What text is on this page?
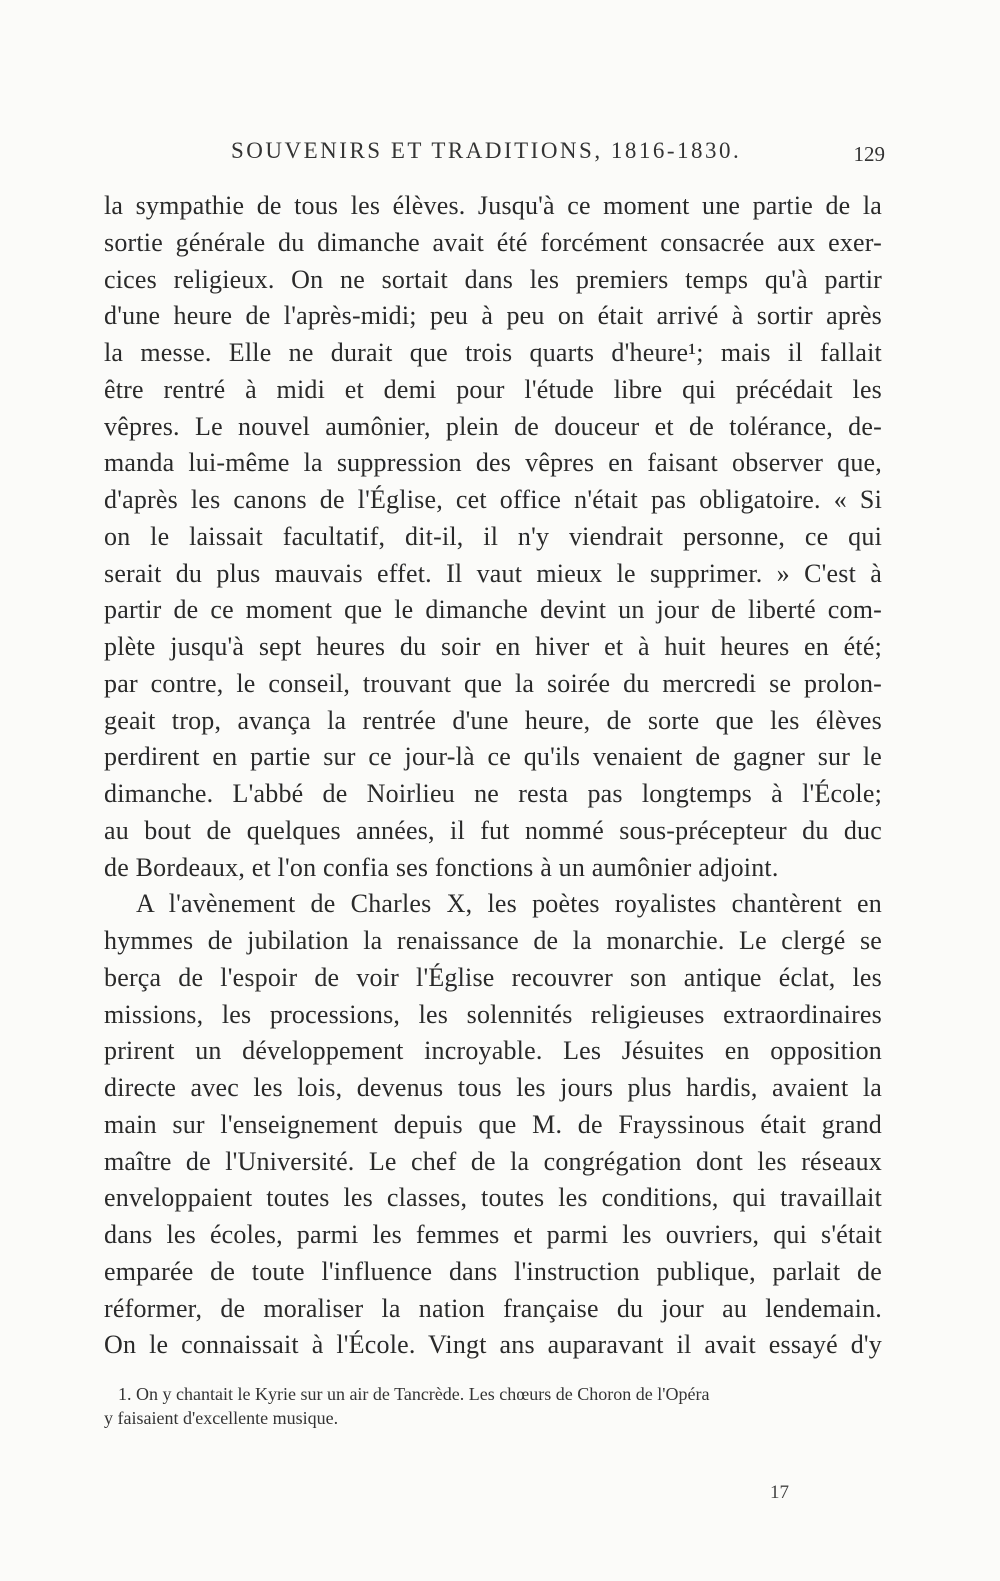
SOUVENIRS ET TRADITIONS, 1816-1830.	129
la sympathie de tous les élèves. Jusqu'à ce moment une partie de la
sortie générale du dimanche avait été forcément consacrée aux exer-
cices religieux. On ne sortait dans les premiers temps qu'à partir
d'une heure de l'après-midi; peu à peu on était arrivé à sortir après
la messe. Elle ne durait que trois quarts d'heure¹; mais il fallait
être rentré à midi et demi pour l'étude libre qui précédait les
vêpres. Le nouvel aumônier, plein de douceur et de tolérance, de-
manda lui-même la suppression des vêpres en faisant observer que,
d'après les canons de l'Église, cet office n'était pas obligatoire. « Si
on le laissait facultatif, dit-il, il n'y viendrait personne, ce qui
serait du plus mauvais effet. Il vaut mieux le supprimer. » C'est à
partir de ce moment que le dimanche devint un jour de liberté com-
plète jusqu'à sept heures du soir en hiver et à huit heures en été;
par contre, le conseil, trouvant que la soirée du mercredi se prolon-
geait trop, avança la rentrée d'une heure, de sorte que les élèves
perdirent en partie sur ce jour-là ce qu'ils venaient de gagner sur le
dimanche. L'abbé de Noirlieu ne resta pas longtemps à l'École;
au bout de quelques années, il fut nommé sous-précepteur du duc
de Bordeaux, et l'on confia ses fonctions à un aumônier adjoint.
A l'avènement de Charles X, les poètes royalistes chantèrent en
hymmes de jubilation la renaissance de la monarchie. Le clergé se
berça de l'espoir de voir l'Église recouvrer son antique éclat, les
missions, les processions, les solennités religieuses extraordinaires
prirent un développement incroyable. Les Jésuites en opposition
directe avec les lois, devenus tous les jours plus hardis, avaient la
main sur l'enseignement depuis que M. de Frayssinous était grand
maître de l'Université. Le chef de la congrégation dont les réseaux
enveloppaient toutes les classes, toutes les conditions, qui travaillait
dans les écoles, parmi les femmes et parmi les ouvriers, qui s'était
emparée de toute l'influence dans l'instruction publique, parlait de
réformer, de moraliser la nation française du jour au lendemain.
On le connaissait à l'École. Vingt ans auparavant il avait essayé d'y
1. On y chantait le Kyrie sur un air de Tancrède. Les chœurs de Choron de l'Opéra
y faisaient d'excellente musique.
17
